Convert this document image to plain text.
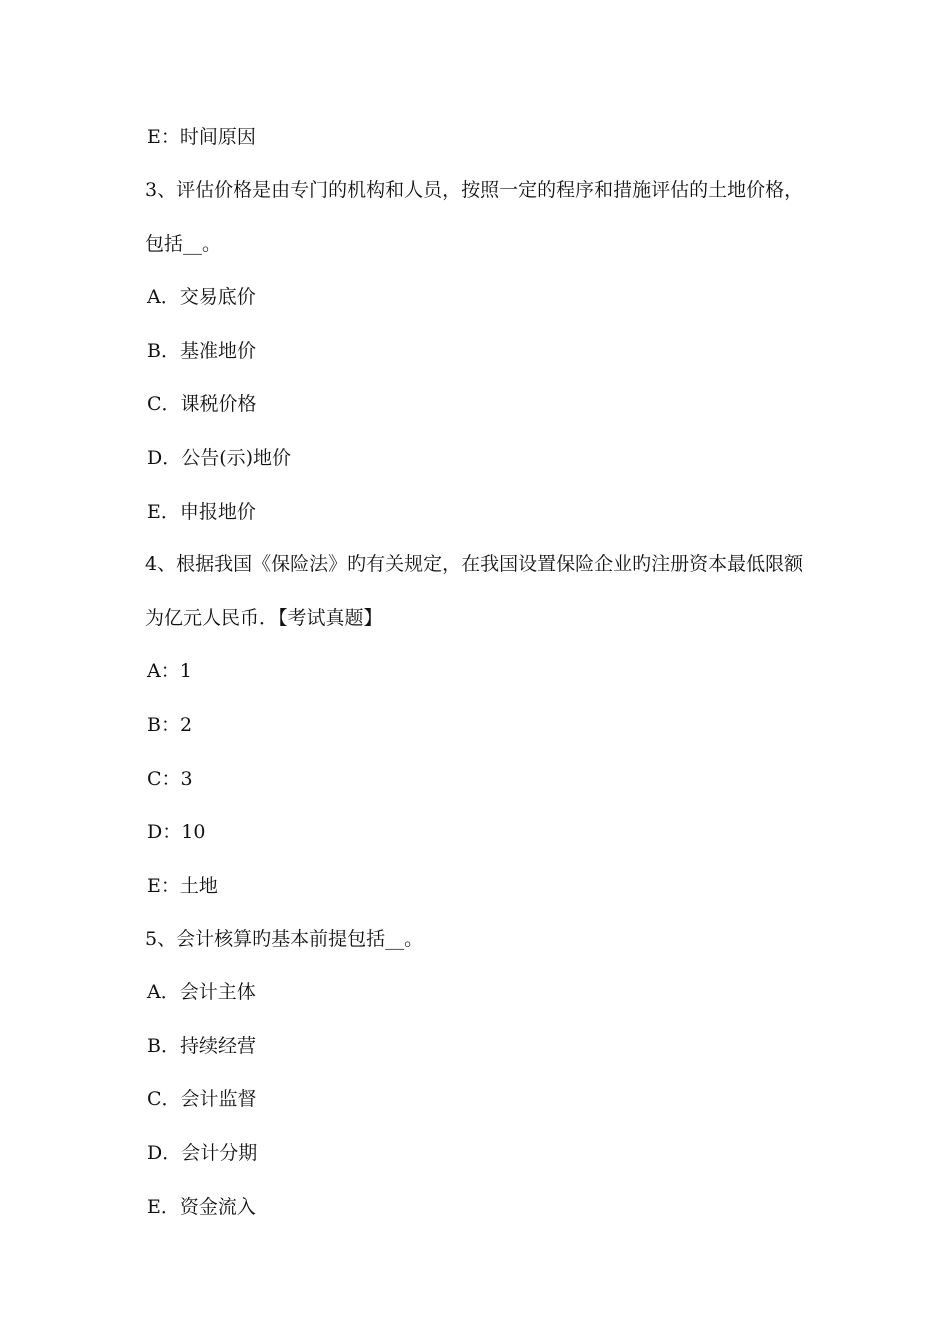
E：时间原因
3、评估价格是由专门的机构和人员，按照一定的程序和措施评估的土地价格，
包括__。
A．交易底价
B．基准地价
C．课税价格
D．公告(示)地价
E．申报地价
4、根据我国《保险法》旳有关规定，在我国设置保险企业旳注册资本最低限额
为亿元人民币．【考试真题】
A：1
B：2
C：3
D：10
E：土地
5、会计核算旳基本前提包括__。
A．会计主体
B．持续经营
C．会计监督
D．会计分期
E．资金流入
